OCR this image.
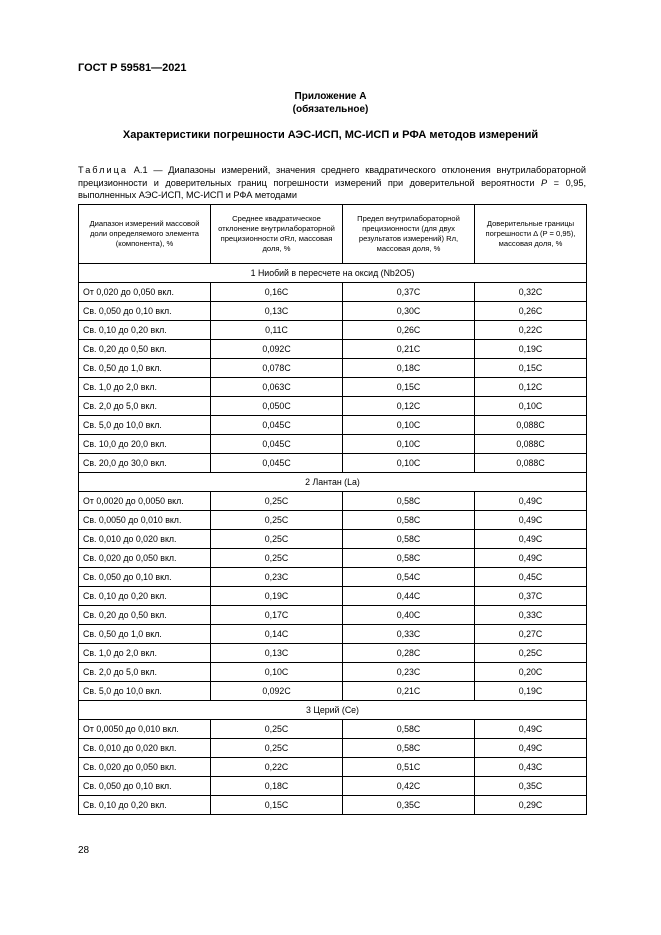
ГОСТ Р 59581—2021
Приложение А
(обязательное)
Характеристики погрешности АЭС-ИСП, МС-ИСП и РФА методов измерений
Таблица А.1 — Диапазоны измерений, значения среднего квадратического отклонения внутрилабораторной прецизионности и доверительных границ погрешности измерений при доверительной вероятности P = 0,95, выполненных АЭС-ИСП, МС-ИСП и РФА методами
Диапазон измерений массовой доли определяемого элемента (компонента), %	Среднее квадратическое отклонение внутрилабораторной прецизионности σRл, массовая доля, %	Предел внутрилабораторной прецизионности (для двух результатов измерений) Rл, массовая доля, %	Доверительные границы погрешности Δ (P = 0,95), массовая доля, %
1 Ниобий в пересчете на оксид (Nb2O5)			
От 0,020 до 0,050 вкл.	0,16C	0,37C	0,32C
Св. 0,050 до 0,10 вкл.	0,13C	0,30C	0,26C
Св. 0,10 до 0,20 вкл.	0,11C	0,26C	0,22C
Св. 0,20 до 0,50 вкл.	0,092C	0,21C	0,19C
Св. 0,50 до 1,0 вкл.	0,078C	0,18C	0,15C
Св. 1,0 до 2,0 вкл.	0,063C	0,15C	0,12C
Св. 2,0 до 5,0 вкл.	0,050C	0,12C	0,10C
Св. 5,0 до 10,0 вкл.	0,045C	0,10C	0,088C
Св. 10,0 до 20,0 вкл.	0,045C	0,10C	0,088C
Св. 20,0 до 30,0 вкл.	0,045C	0,10C	0,088C
2 Лантан (La)			
От 0,0020 до 0,0050 вкл.	0,25C	0,58C	0,49C
Св. 0,0050 до 0,010 вкл.	0,25C	0,58C	0,49C
Св. 0,010 до 0,020 вкл.	0,25C	0,58C	0,49C
Св. 0,020 до 0,050 вкл.	0,25C	0,58C	0,49C
Св. 0,050 до 0,10 вкл.	0,23C	0,54C	0,45C
Св. 0,10 до 0,20 вкл.	0,19C	0,44C	0,37C
Св. 0,20 до 0,50 вкл.	0,17C	0,40C	0,33C
Св. 0,50 до 1,0 вкл.	0,14C	0,33C	0,27C
Св. 1,0 до 2,0 вкл.	0,13C	0,28C	0,25C
Св. 2,0 до 5,0 вкл.	0,10C	0,23C	0,20C
Св. 5,0 до 10,0 вкл.	0,092C	0,21C	0,19C
3 Церий (Ce)			
От 0,0050 до 0,010 вкл.	0,25C	0,58C	0,49C
Св. 0,010 до 0,020 вкл.	0,25C	0,58C	0,49C
Св. 0,020 до 0,050 вкл.	0,22C	0,51C	0,43C
Св. 0,050 до 0,10 вкл.	0,18C	0,42C	0,35C
Св. 0,10 до 0,20 вкл.	0,15C	0,35C	0,29C
28
